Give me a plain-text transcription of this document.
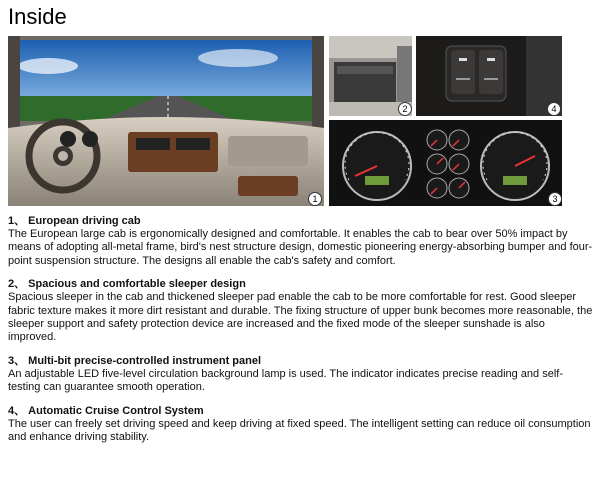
Inside
1
2	4
3

1、 European driving cab

The European large cab is ergonomically designed and comfortable. It enables the cab to bear over 50% impact by means of adopting all-metal frame, bird's nest structure design, domestic pioneering energy-absorbing bumper and four-point suspension structure. The designs all enable the cab's safety and comfort.

2、 Spacious and comfortable sleeper design

Spacious sleeper in the cab and thickened sleeper pad enable the cab to be more comfortable for rest. Good sleeper fabric texture makes it more dirt resistant and durable. The fixing structure of upper bunk becomes more reasonable, the sleeper support and safety protection device are increased and the fixed mode of the sleeper sunshade is also improved.

3、 Multi-bit precise-controlled instrument panel

An adjustable LED five-level circulation background lamp is used. The indicator indicates precise reading and self-testing can guarantee smooth operation.

4、 Automatic Cruise Control System

The user can freely set driving speed and keep driving at fixed speed. The intelligent setting can reduce oil consumption and enhance driving stability.
